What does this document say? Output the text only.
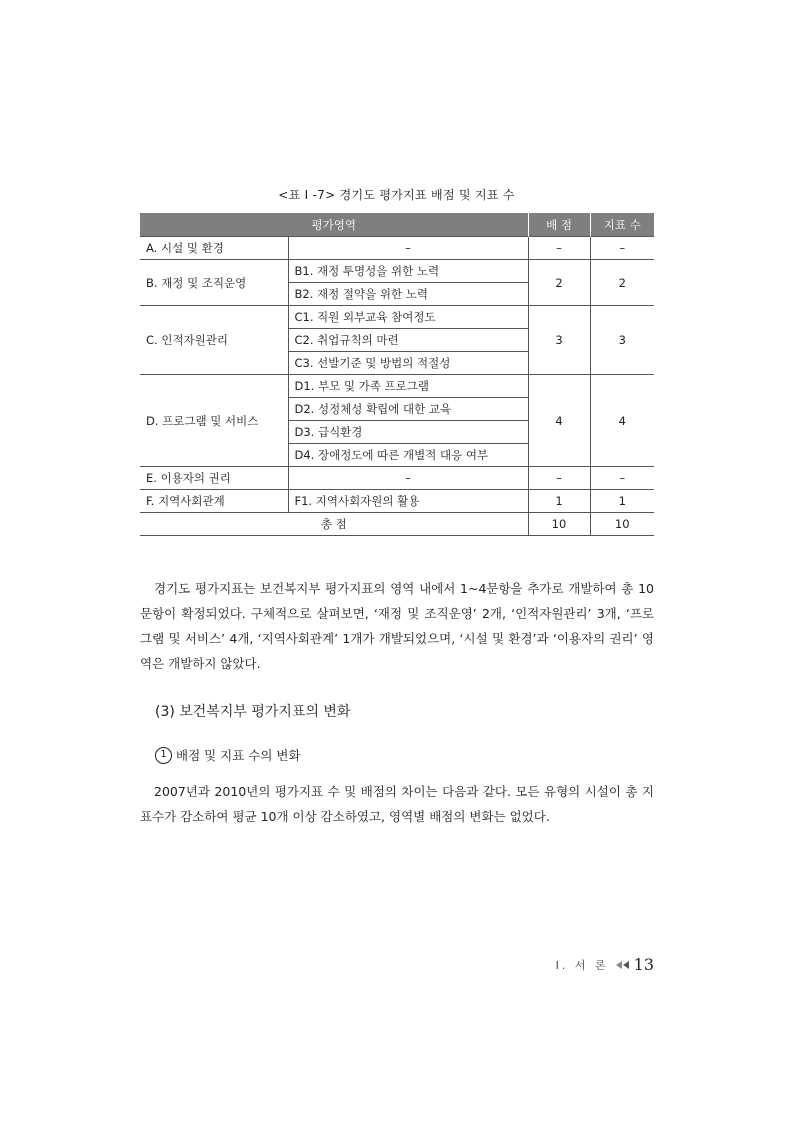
<표 Ⅰ -7> 경기도 평가지표 배점 및 지표 수
평가영역		배 점	지표 수
A. 시설 및 환경	–	–	–
B. 재정 및 조직운영	B1. 재정 투명성을 위한 노력	2	2
	B2. 재정 절약을 위한 노력		
C. 인적자원관리	C1. 직원 외부교육 참여정도	3	3
	C2. 취업규칙의 마련		
	C3. 선발기준 및 방법의 적절성		
D. 프로그램 및 서비스	D1. 부모 및 가족 프로그램	4	4
	D2. 성정체성 확립에 대한 교육		
	D3. 급식환경		
	D4. 장애정도에 따른 개별적 대응 여부		
E. 이용자의 권리	–	–	–
F. 지역사회관계	F1. 지역사회자원의 활용	1	1
총 점		10	10

경기도 평가지표는 보건복지부 평가지표의 영역 내에서 1~4문항을 추가로 개발하여 총 10문항이 확정되었다. 구체적으로 살펴보면, ‘재정 및 조직운영’ 2개, ‘인적자원관리’ 3개, ‘프로그램 및 서비스’ 4개, ‘지역사회관계’ 1개가 개발되었으며, ‘시설 및 환경’과 ‘이용자의 권리’ 영역은 개발하지 않았다.

(3) 보건복지부 평가지표의 변화
1 배점 및 지표 수의 변화

2007년과 2010년의 평가지표 수 및 배점의 차이는 다음과 같다. 모든 유형의 시설이 총 지표수가 감소하여 평균 10개 이상 감소하였고, 영역별 배점의 변화는 없었다.

Ⅰ. 서 론 13
